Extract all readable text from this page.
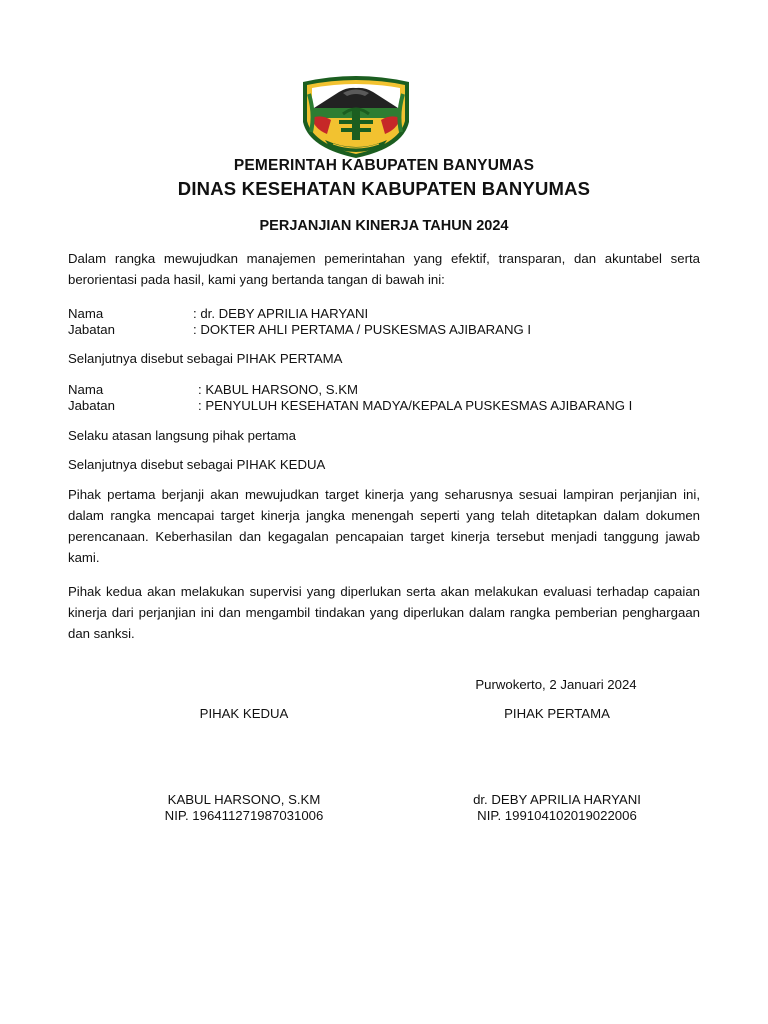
PEMERINTAH KABUPATEN BANYUMAS
DINAS KESEHATAN KABUPATEN BANYUMAS
PERJANJIAN KINERJA TAHUN 2024
Dalam rangka mewujudkan manajemen pemerintahan yang efektif, transparan, dan akuntabel serta berorientasi pada hasil, kami yang bertanda tangan di bawah ini:
Nama	: dr. DEBY APRILIA HARYANI
Jabatan	: DOKTER AHLI PERTAMA / PUSKESMAS AJIBARANG I
Selanjutnya disebut sebagai PIHAK PERTAMA
Nama	: KABUL HARSONO, S.KM
Jabatan	: PENYULUH KESEHATAN MADYA/KEPALA PUSKESMAS AJIBARANG I
Selaku atasan langsung pihak pertama
Selanjutnya disebut sebagai PIHAK KEDUA
Pihak pertama berjanji akan mewujudkan target kinerja yang seharusnya sesuai lampiran perjanjian ini, dalam rangka mencapai target kinerja jangka menengah seperti yang telah ditetapkan dalam dokumen perencanaan. Keberhasilan dan kegagalan pencapaian target kinerja tersebut menjadi tanggung jawab kami.
Pihak kedua akan melakukan supervisi yang diperlukan serta akan melakukan evaluasi terhadap capaian kinerja dari perjanjian ini dan mengambil tindakan yang diperlukan dalam rangka pemberian penghargaan dan sanksi.
Purwokerto, 2 Januari 2024
PIHAK KEDUA	PIHAK PERTAMA
KABUL HARSONO, S.KM
NIP. 196411271987031006
dr. DEBY APRILIA HARYANI
NIP. 199104102019022006
